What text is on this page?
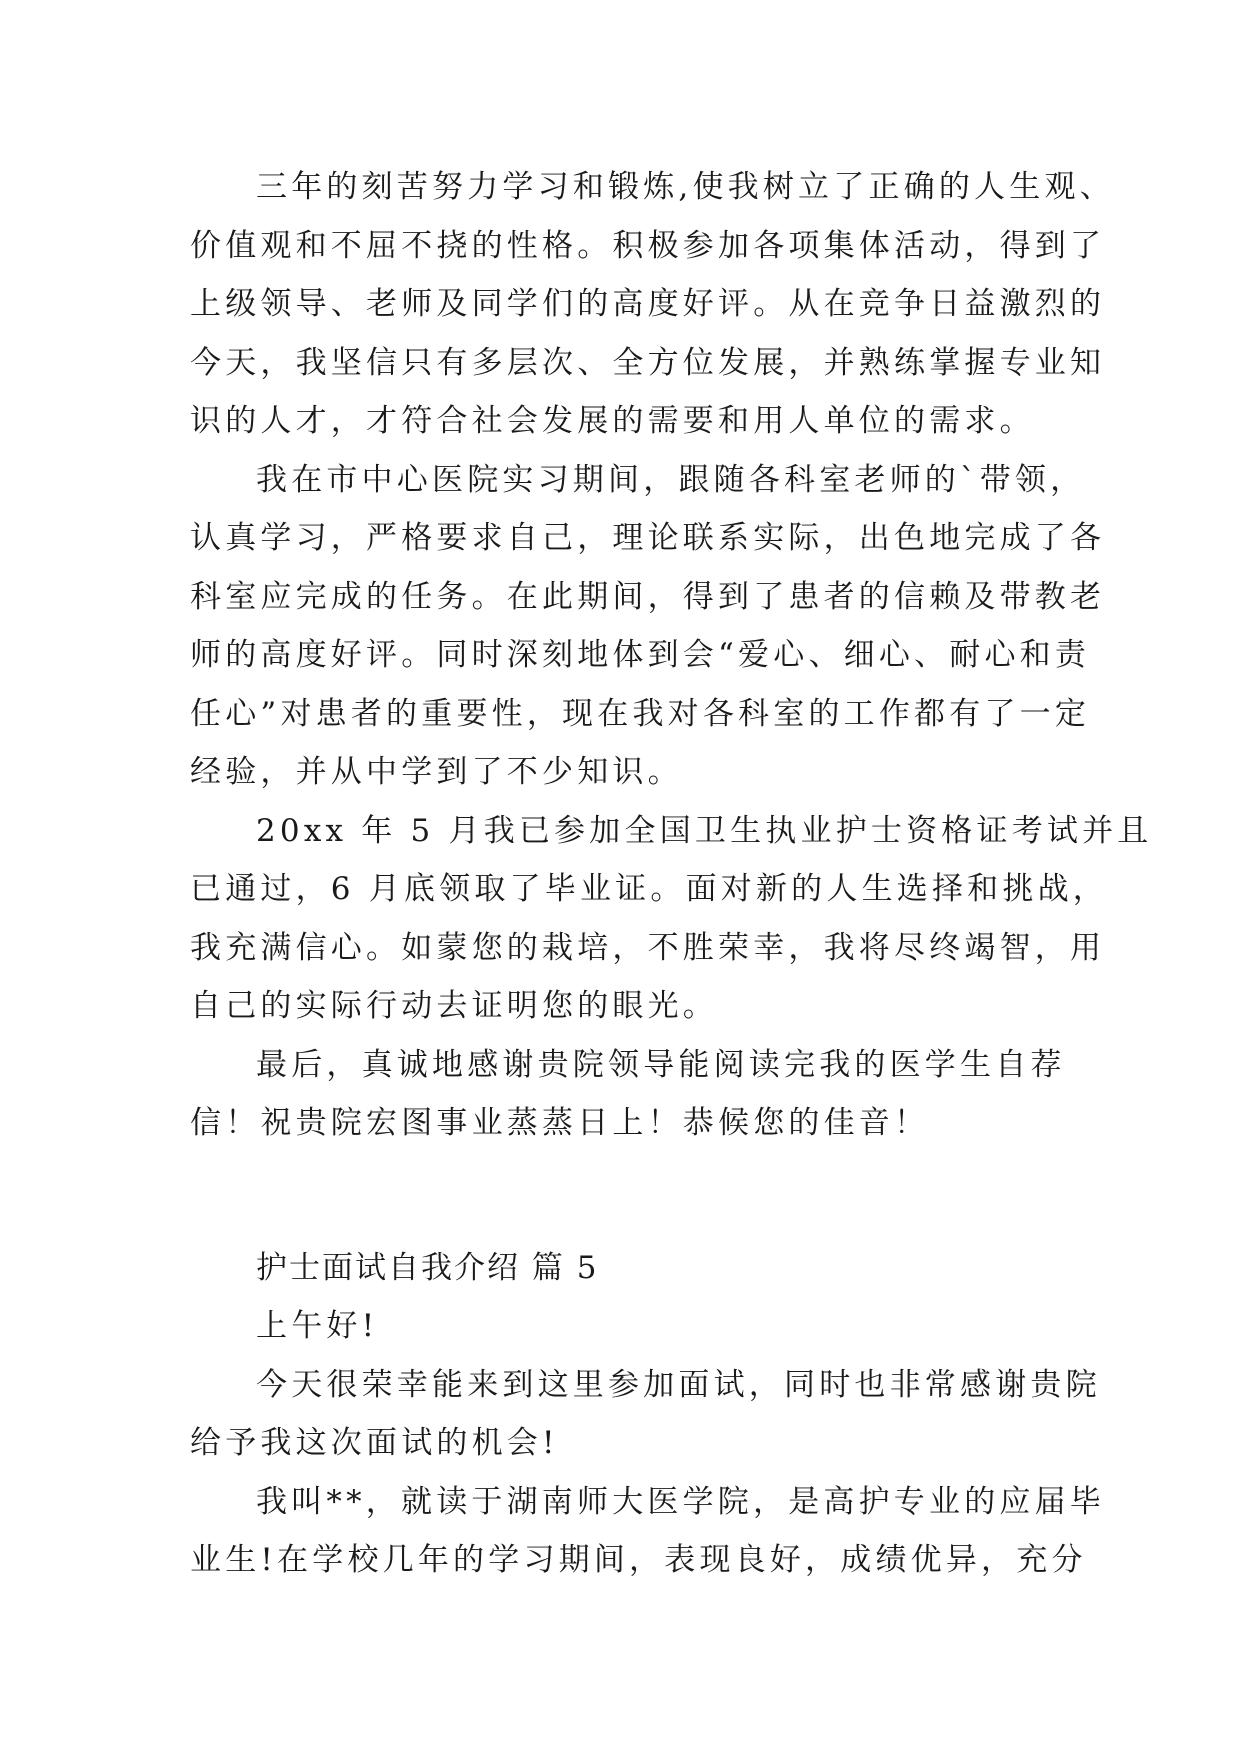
三年的刻苦努力学习和锻炼,使我树立了正确的人生观、
价值观和不屈不挠的性格。积极参加各项集体活动，得到了
上级领导、老师及同学们的高度好评。从在竞争日益激烈的
今天，我坚信只有多层次、全方位发展，并熟练掌握专业知
识的人才，才符合社会发展的需要和用人单位的需求。
我在市中心医院实习期间，跟随各科室老师的`带领，
认真学习，严格要求自己，理论联系实际，出色地完成了各
科室应完成的任务。在此期间，得到了患者的信赖及带教老
师的高度好评。同时深刻地体到会“爱心、细心、耐心和责
任心”对患者的重要性，现在我对各科室的工作都有了一定
经验，并从中学到了不少知识。
20xx 年 5 月我已参加全国卫生执业护士资格证考试并且
已通过，6 月底领取了毕业证。面对新的人生选择和挑战，
我充满信心。如蒙您的栽培，不胜荣幸，我将尽终竭智，用
自己的实际行动去证明您的眼光。
最后，真诚地感谢贵院领导能阅读完我的医学生自荐
信！祝贵院宏图事业蒸蒸日上！恭候您的佳音！
护士面试自我介绍 篇 5
上午好!
今天很荣幸能来到这里参加面试，同时也非常感谢贵院
给予我这次面试的机会!
我叫**，就读于湖南师大医学院，是高护专业的应届毕
业生!在学校几年的学习期间，表现良好，成绩优异，充分
